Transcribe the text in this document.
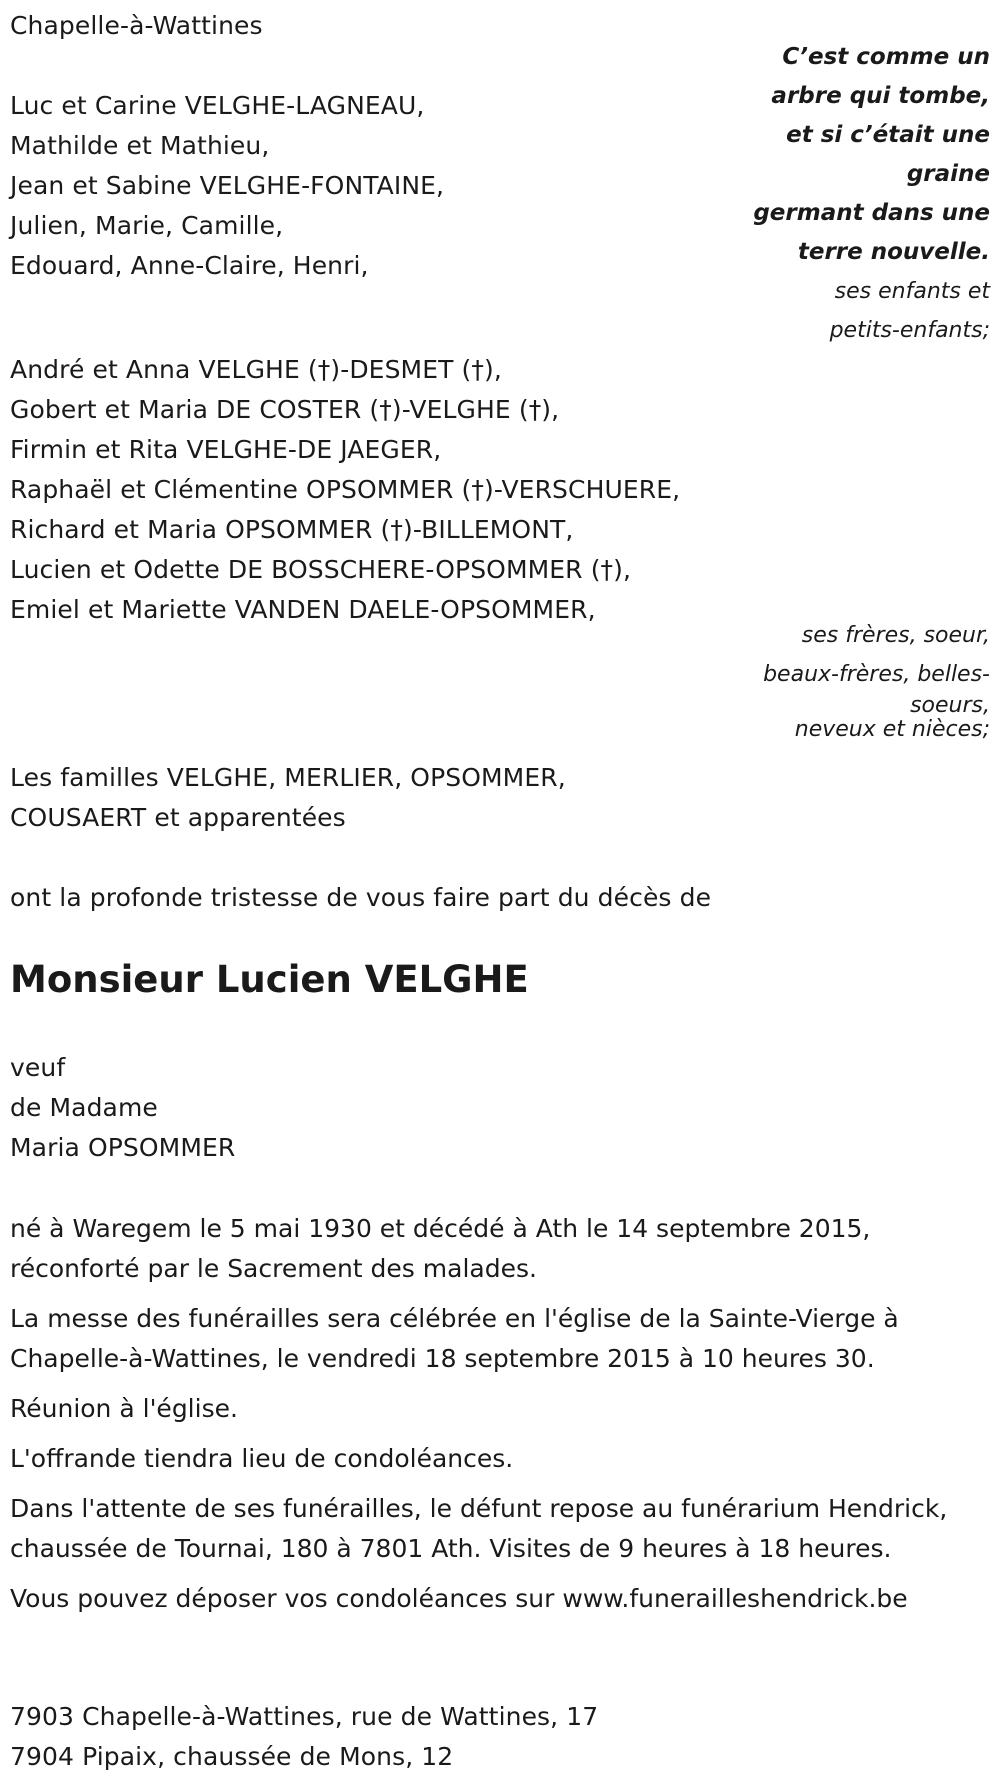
Chapelle-à-Wattines
C’est comme un
arbre qui tombe,
et si c’était une
graine
germant dans une
terre nouvelle.
ses enfants et
petits-enfants;
Luc et Carine VELGHE-LAGNEAU,
Mathilde et Mathieu,
Jean et Sabine VELGHE-FONTAINE,
Julien, Marie, Camille,
Edouard, Anne-Claire, Henri,
André et Anna VELGHE (†)-DESMET (†),
Gobert et Maria DE COSTER (†)-VELGHE (†),
Firmin et Rita VELGHE-DE JAEGER,
Raphaël et Clémentine OPSOMMER (†)-VERSCHUERE,
Richard et Maria OPSOMMER (†)-BILLEMONT,
Lucien et Odette DE BOSSCHERE-OPSOMMER (†),
Emiel et Mariette VANDEN DAELE-OPSOMMER,
ses frères, soeur,
beaux-frères, belles-
soeurs,
neveux et nièces;
Les familles VELGHE, MERLIER, OPSOMMER,
COUSAERT et apparentées
ont la profonde tristesse de vous faire part du décès de
Monsieur Lucien VELGHE
veuf
de Madame
Maria OPSOMMER

né à Waregem le 5 mai 1930 et décédé à Ath le 14 septembre 2015, réconforté par le Sacrement des malades.

La messe des funérailles sera célébrée en l'église de la Sainte-Vierge à Chapelle-à-Wattines, le vendredi 18 septembre 2015 à 10 heures 30.

Réunion à l'église.

L'offrande tiendra lieu de condoléances.

Dans l'attente de ses funérailles, le défunt repose au funérarium Hendrick, chaussée de Tournai, 180 à 7801 Ath. Visites de 9 heures à 18 heures.

Vous pouvez déposer vos condoléances sur www.funerailleshendrick.be

7903 Chapelle-à-Wattines, rue de Wattines, 17
7904 Pipaix, chaussée de Mons, 12
